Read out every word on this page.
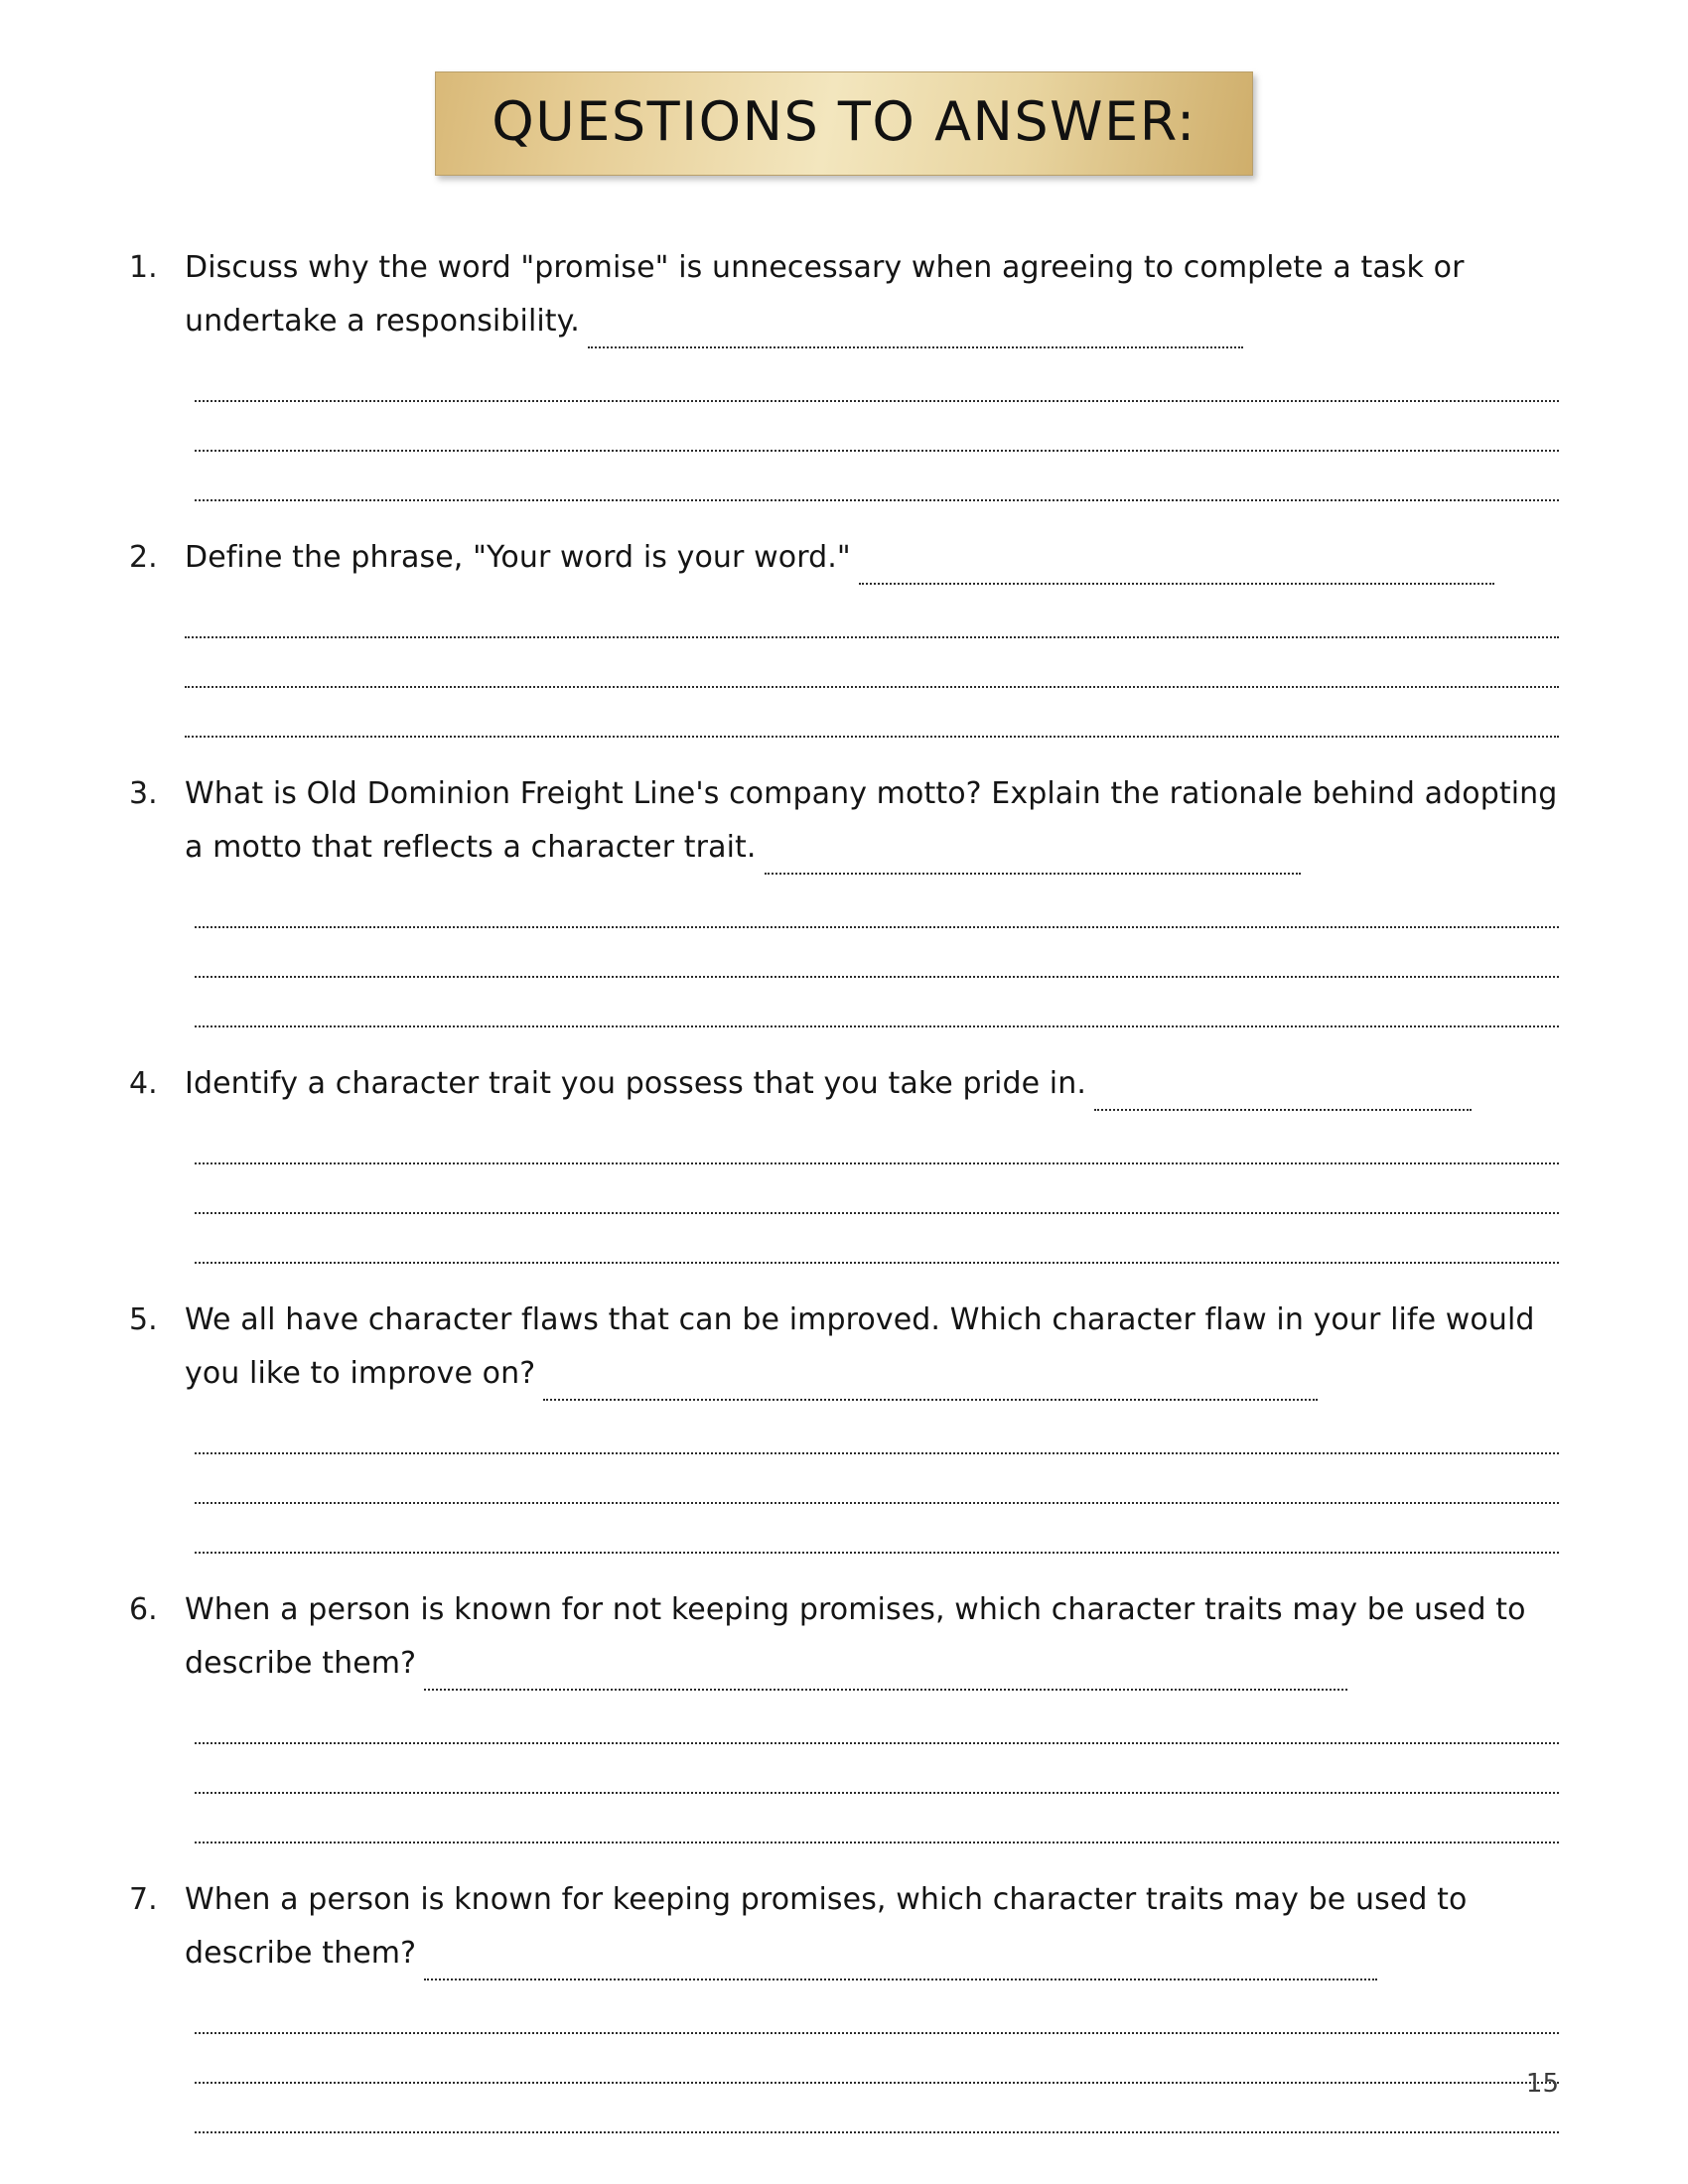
QUESTIONS TO ANSWER:
1. Discuss why the word "promise" is unnecessary when agreeing to complete a task or undertake a responsibility.
2. Define the phrase, "Your word is your word."
3. What is Old Dominion Freight Line's company motto? Explain the rationale behind adopting a motto that reflects a character trait.
4. Identify a character trait you possess that you take pride in.
5. We all have character flaws that can be improved. Which character flaw in your life would you like to improve on?
6. When a person is known for not keeping promises, which character traits may be used to describe them?
7. When a person is known for keeping promises, which character traits may be used to describe them?
15
